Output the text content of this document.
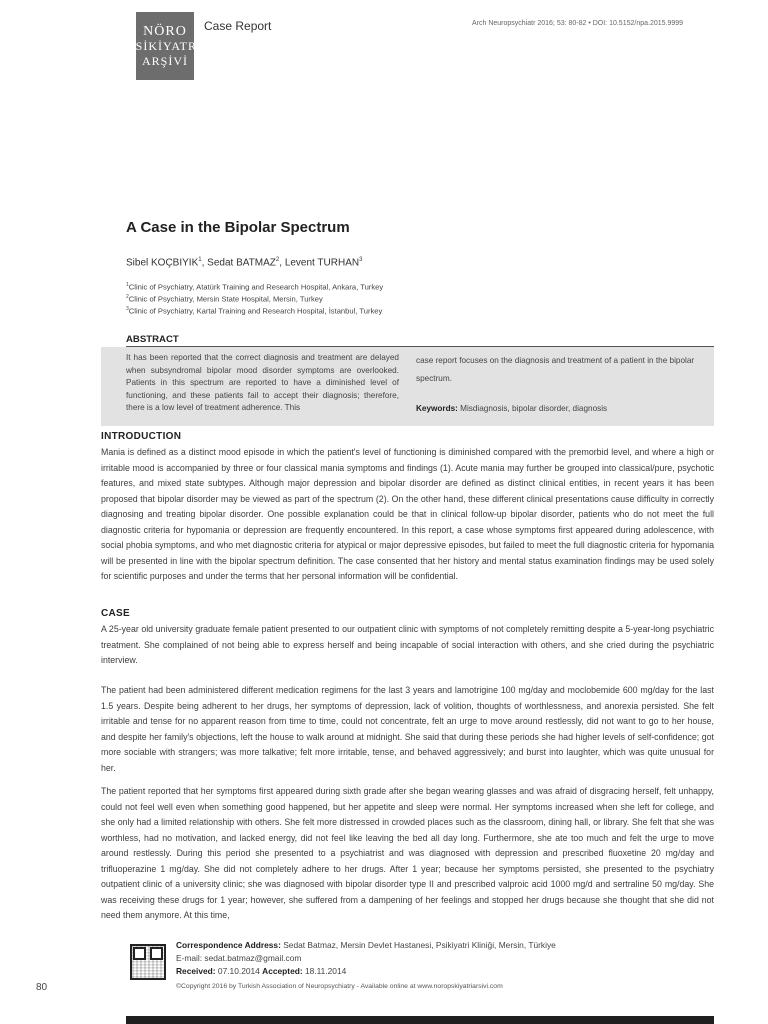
NÖRO
PSİKİYATRİ
ARŞİVİ
Case Report	Arch Neuropsychiatr 2016; 53: 80-82 • DOI: 10.5152/npa.2015.9999
A Case in the Bipolar Spectrum
Sibel KOÇBIYIK$^1$, Sedat BATMAZ$^2$, Levent TURHAN$^3$
$^1$Clinic of Psychiatry, Atatürk Training and Research Hospital, Ankara, Turkey
$^2$Clinic of Psychiatry, Mersin State Hospital, Mersin, Turkey
$^3$Clinic of Psychiatry, Kartal Training and Research Hospital, İstanbul, Turkey
ABSTRACT
It has been reported that the correct diagnosis and treatment are delayed when subsyndromal bipolar mood disorder symptoms are overlooked. Patients in this spectrum are reported to have a diminished level of functioning, and these patients fail to accept their diagnosis; therefore, there is a low level of treatment adherence. This
case report focuses on the diagnosis and treatment of a patient in the bipolar spectrum.
Keywords: Misdiagnosis, bipolar disorder, diagnosis
INTRODUCTION
Mania is defined as a distinct mood episode in which the patient's level of functioning is diminished compared with the premorbid level, and where a high or irritable mood is accompanied by three or four classical mania symptoms and findings (1). Acute mania may further be grouped into classical/pure, psychotic features, and mixed state subtypes. Although major depression and bipolar disorder are defined as distinct clinical entities, in recent years it has been proposed that bipolar disorder may be viewed as part of the spectrum (2). On the other hand, these different clinical presentations cause difficulty in correctly diagnosing and treating bipolar disorder. One possible explanation could be that in clinical follow-up bipolar disorder, patients who do not meet the full diagnostic criteria for hypomania or depression are frequently encountered. In this report, a case whose symptoms first appeared during adolescence, with social phobia symptoms, and who met diagnostic criteria for atypical or major depressive episodes, but failed to meet the full diagnostic criteria for hypomania will be presented in line with the bipolar spectrum definition. The case consented that her history and mental status examination findings may be used solely for scientific purposes and under the terms that her personal information will be confidential.
CASE
A 25-year old university graduate female patient presented to our outpatient clinic with symptoms of not completely remitting despite a 5-year-long psychiatric treatment. She complained of not being able to express herself and being incapable of social interaction with others, and she cried during the psychiatric interview.
The patient had been administered different medication regimens for the last 3 years and lamotrigine 100 mg/day and moclobemide 600 mg/day for the last 1.5 years. Despite being adherent to her drugs, her symptoms of depression, lack of volition, thoughts of worthlessness, and anorexia persisted. She felt irritable and tense for no apparent reason from time to time, could not concentrate, felt an urge to move around restlessly, did not want to go to her house, and despite her family's objections, left the house to walk around at midnight. She said that during these periods she had higher levels of self-confidence; got more sociable with strangers; was more talkative; felt more irritable, tense, and behaved aggressively; and burst into laughter, which was quite unusual for her.
The patient reported that her symptoms first appeared during sixth grade after she began wearing glasses and was afraid of disgracing herself, felt unhappy, could not feel well even when something good happened, but her appetite and sleep were normal. Her symptoms increased when she left for college, and she only had a limited relationship with others. She felt more distressed in crowded places such as the classroom, dining hall, or library. She felt that she was worthless, had no motivation, and lacked energy, did not feel like leaving the bed all day long. Furthermore, she ate too much and felt the urge to move around restlessly. During this period she presented to a psychiatrist and was diagnosed with depression and prescribed fluoxetine 20 mg/day and trifluoperazine 1 mg/day. She did not completely adhere to her drugs. After 1 year; because her symptoms persisted, she presented to the psychiatry outpatient clinic of a university clinic; she was diagnosed with bipolar disorder type II and prescribed valproic acid 1000 mg/d and sertraline 50 mg/day. She was receiving these drugs for 1 year; however, she suffered from a dampening of her feelings and stopped her drugs because she thought that she did not need them anymore. At this time,
Correspondence Address: Sedat Batmaz, Mersin Devlet Hastanesi, Psikiyatri Kliniği, Mersin, Türkiye
E-mail: sedat.batmaz@gmail.com
Received: 07.10.2014 Accepted: 18.11.2014
©Copyright 2016 by Turkish Association of Neuropsychiatry - Available online at www.noropskiyatriarsivi.com
80
